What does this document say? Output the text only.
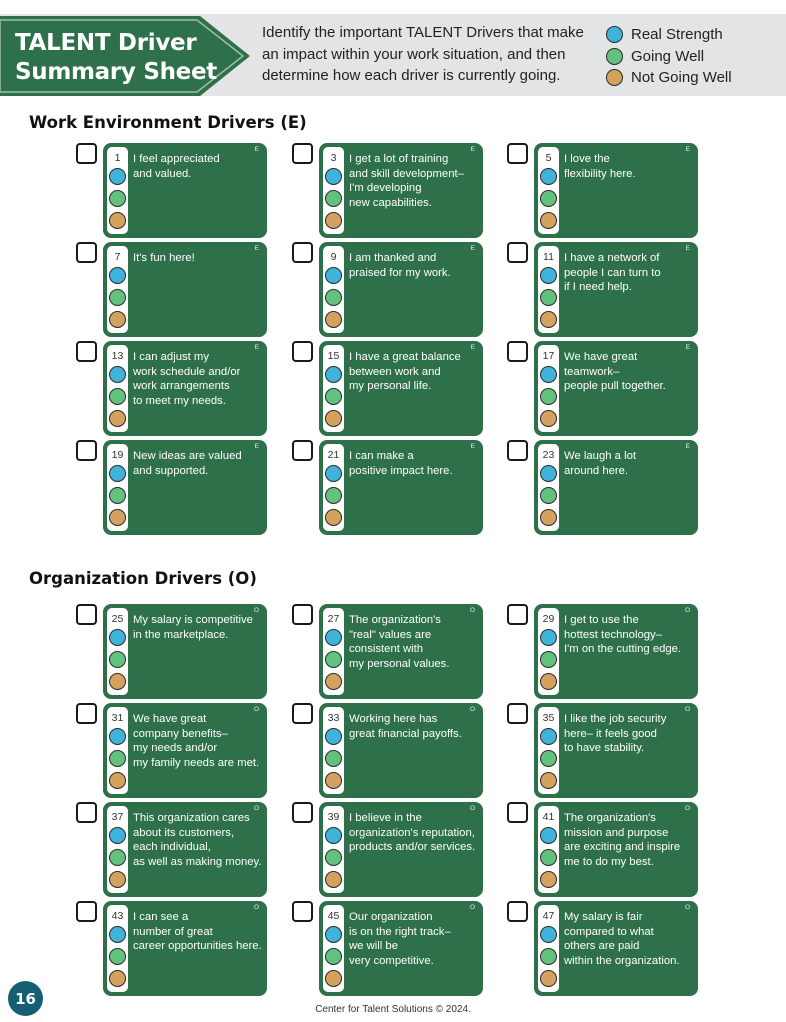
TALENT Driver
Summary Sheet
Identify the important TALENT Drivers that make an impact within your work situation, and then determine how each driver is currently going.
Real Strength
Going Well
Not Going Well
Work Environment Drivers (E)
1	I feel appreciated
and valued.
E
3	I get a lot of training
and skill development–
I'm developing
new capabilities.
E
5	I love the
flexibility here.
E
7	It's fun here!
E
9	I am thanked and
praised for my work.
E
11 I have a network of
people I can turn to
if I need help.
E
13 I can adjust my
work schedule and/or
work arrangements
to meet my needs.
E
15 I have a great balance
between work and
my personal life.
E
17 We have great
teamwork–
people pull together.
E
19 New ideas are valued
and supported.
E
21 I can make a
positive impact here.
E
23 We laugh a lot
around here.
E
Organization Drivers (O)
25 My salary is competitive
in the marketplace.
O
27 The organization's
"real" values are
consistent with
my personal values.
O
29 I get to use the
hottest technology–
I'm on the cutting edge.
O
31 We have great
company benefits–
my needs and/or
my family needs are met.
O
33 Working here has
great financial payoffs.
O
35 I like the job security
here– it feels good
to have stability.
O
37 This organization cares
about its customers,
each individual,
as well as making money.
O
39 I believe in the
organization's reputation,
products and/or services.
O
41 The organization's
mission and purpose
are exciting and inspire
me to do my best.
O
43 I can see a
number of great
career opportunities here.
O
45 Our organization
is on the right track–
we will be
very competitive.
O
47 My salary is fair
compared to what
others are paid
within the organization.
O
16
Center for Talent Solutions © 2024.
